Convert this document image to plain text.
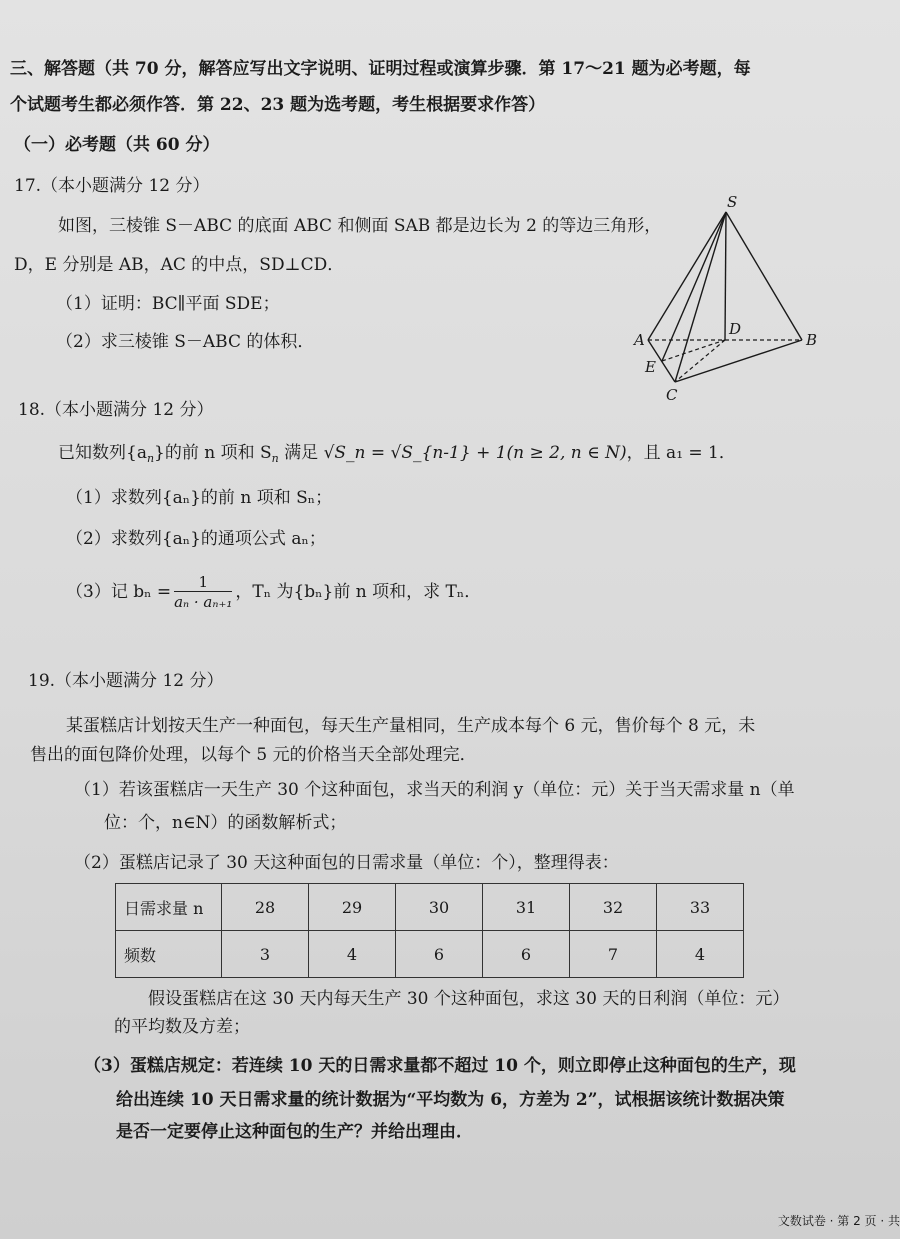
三、解答题（共 70 分，解答应写出文字说明、证明过程或演算步骤．第 17～21 题为必考题，每
个试题考生都必须作答．第 22、23 题为选考题，考生根据要求作答）
（一）必考题（共 60 分）
17.（本小题满分 12 分）
如图，三棱锥 S－ABC 的底面 ABC 和侧面 SAB 都是边长为 2 的等边三角形，
D，E 分别是 AB，AC 的中点，SD⊥CD．
（1）证明：BC∥平面 SDE；
（2）求三棱锥 S－ABC 的体积．
S
A	B
C
D
E
18.（本小题满分 12 分）
已知数列$\{a_n\}$的前 n 项和 $S_n$ 满足 √S_n = √S_{n-1} + 1(n ≥ 2, n ∈ N)，且 a₁ = 1．
（1）求数列{aₙ}的前 n 项和 Sₙ；
（2）求数列{aₙ}的通项公式 aₙ；
（3）记 $b_n = \frac{1}{\text{aₙ · aₙ₊₁}}$ ，Tₙ 为{bₙ}前 n 项和，求 Tₙ．
19.（本小题满分 12 分）
某蛋糕店计划按天生产一种面包，每天生产量相同，生产成本每个 6 元，售价每个 8 元，未
售出的面包降价处理，以每个 5 元的价格当天全部处理完．
（1）若该蛋糕店一天生产 30 个这种面包，求当天的利润 y（单位：元）关于当天需求量 n（单
位：个，n∈N）的函数解析式；
（2）蛋糕店记录了 30 天这种面包的日需求量（单位：个），整理得表：
日需求量 n	28	29	30	31	32	33
频数	3	4	6	6	7	4
假设蛋糕店在这 30 天内每天生产 30 个这种面包，求这 30 天的日利润（单位：元）
的平均数及方差；
（3）蛋糕店规定：若连续 10 天的日需求量都不超过 10 个，则立即停止这种面包的生产，现
给出连续 10 天日需求量的统计数据为“平均数为 6，方差为 2”，试根据该统计数据决策
是否一定要停止这种面包的生产？并给出理由．
文数试卷 · 第 2 页 · 共
